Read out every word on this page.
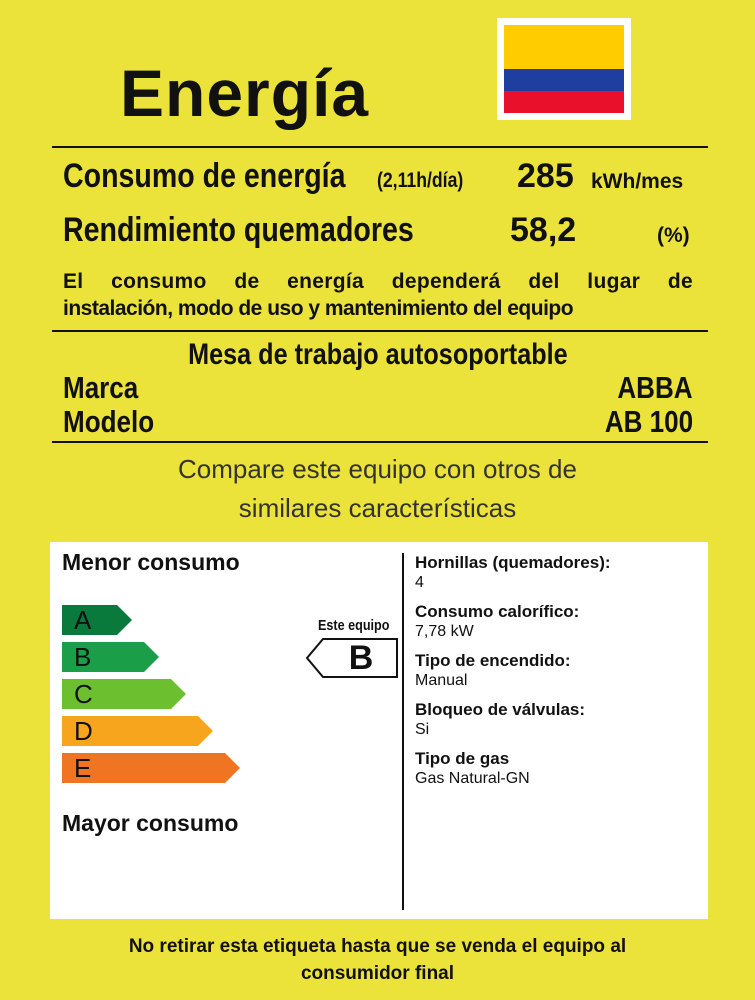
Energía
Consumo de energía (2,11h/día) 285 kWh/mes
Rendimiento quemadores	58,2	(%)
El consumo de energía dependerá del lugar de
instalación, modo de uso y mantenimiento del equipo
Mesa de trabajo autosoportable
Marca	ABBA
Modelo	AB 100
Compare este equipo con otros de
similares características
Menor consumo
A
B
C
D
E
Mayor consumo
Este equipo
B
Hornillas (quemadores):
4
Consumo calorífico:
7,78 kW
Tipo de encendido:
Manual
Bloqueo de válvulas:
Si
Tipo de gas
Gas Natural-GN
No retirar esta etiqueta hasta que se venda el equipo al
consumidor final
